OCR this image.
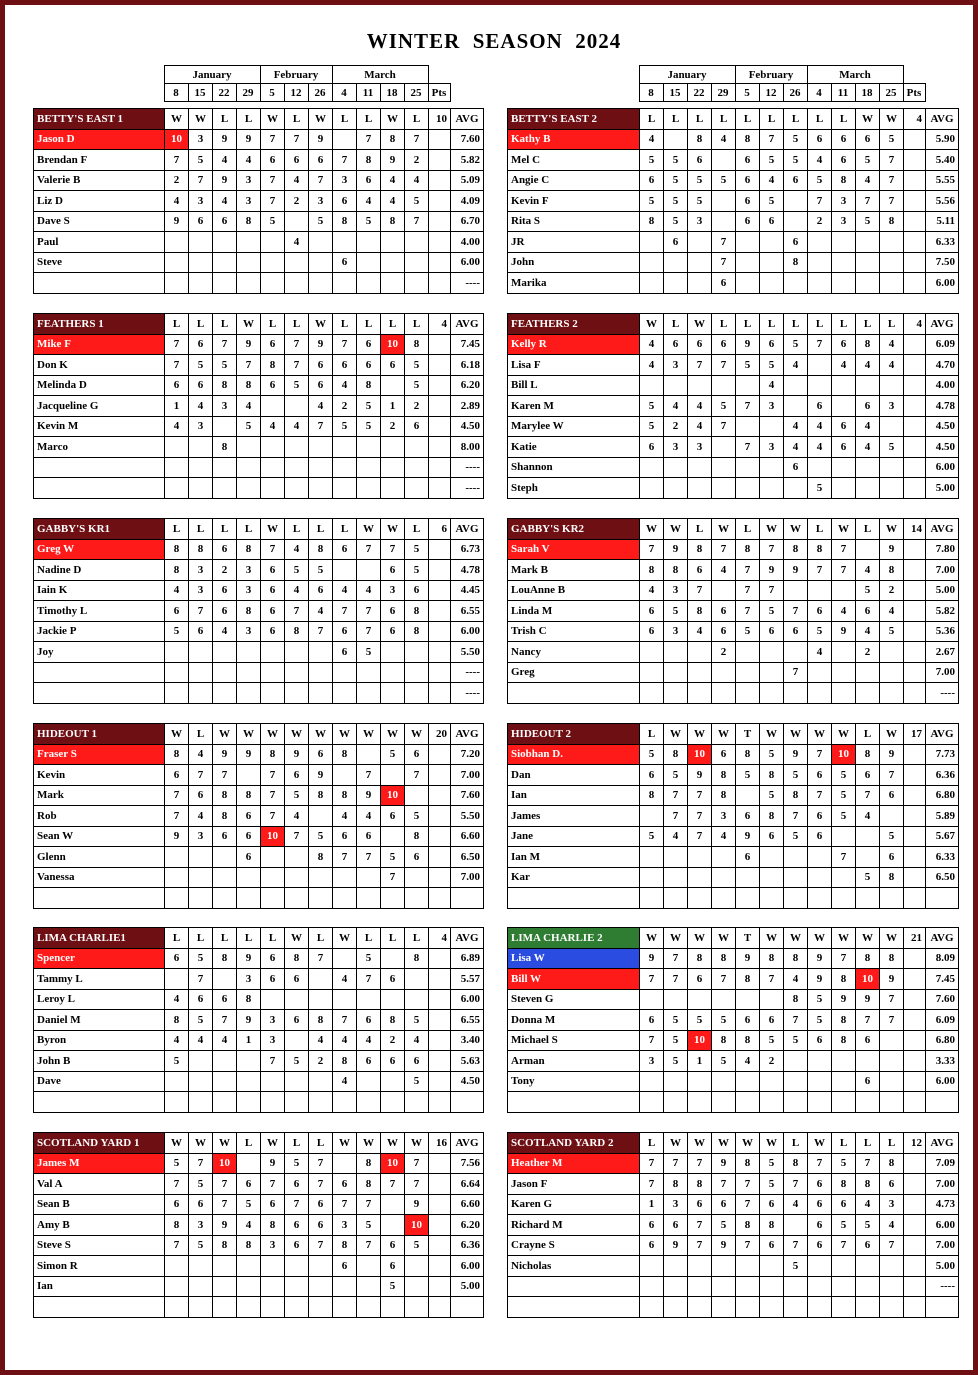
WINTER  SEASON  2024
	January				February			March					
	8	15	22	29	5	12	26	4	11	18	25	Pts	
	January				February			March					
	8	15	22	29	5	12	26	4	11	18	25	Pts	
BETTY'S EAST 1	W	W	L	L	W	L	W	L	L	W	L	10	AVG
Jason D	10	3	9	9	7	7	9		7	8	7		7.60
Brendan F	7	5	4	4	6	6	6	7	8	9	2		5.82
Valerie B	2	7	9	3	7	4	7	3	6	4	4		5.09
Liz D	4	3	4	3	7	2	3	6	4	4	5		4.09
Dave S	9	6	6	8	5		5	8	5	8	7		6.70
Paul						4							4.00
Steve								6					6.00
													----
BETTY'S EAST 2	L	L	L	L	L	L	L	L	L	W	W	4	AVG
Kathy B	4		8	4	8	7	5	6	6	6	5		5.90
Mel C	5	5	6		6	5	5	4	6	5	7		5.40
Angie C	6	5	5	5	6	4	6	5	8	4	7		5.55
Kevin F	5	5	5		6	5		7	3	7	7		5.56
Rita S	8	5	3		6	6		2	3	5	8		5.11
JR		6		7			6						6.33
John				7			8						7.50
Marika				6									6.00
FEATHERS 1	L	L	L	W	L	L	W	L	L	L	L	4	AVG
Mike F	7	6	7	9	6	7	9	7	6	10	8		7.45
Don K	7	5	5	7	8	7	6	6	6	6	5		6.18
Melinda D	6	6	8	8	6	5	6	4	8		5		6.20
Jacqueline G	1	4	3	4			4	2	5	1	2		2.89
Kevin M	4	3		5	4	4	7	5	5	2	6		4.50
Marco			8										8.00
													----
													----
FEATHERS 2	W	L	W	L	L	L	L	L	L	L	L	4	AVG
Kelly R	4	6	6	6	9	6	5	7	6	8	4		6.09
Lisa F	4	3	7	7	5	5	4		4	4	4		4.70
Bill L						4							4.00
Karen M	5	4	4	5	7	3		6		6	3		4.78
Marylee W	5	2	4	7			4	4	6	4			4.50
Katie	6	3	3		7	3	4	4	6	4	5		4.50
Shannon							6						6.00
Steph								5					5.00
GABBY'S KR1	L	L	L	L	W	L	L	L	W	W	L	6	AVG
Greg W	8	8	6	8	7	4	8	6	7	7	5		6.73
Nadine D	8	3	2	3	6	5	5			6	5		4.78
Iain K	4	3	6	3	6	4	6	4	4	3	6		4.45
Timothy L	6	7	6	8	6	7	4	7	7	6	8		6.55
Jackie P	5	6	4	3	6	8	7	6	7	6	8		6.00
Joy								6	5				5.50
													----
													----
GABBY'S KR2	W	W	L	W	L	W	W	L	W	L	W	14	AVG
Sarah V	7	9	8	7	8	7	8	8	7		9		7.80
Mark B	8	8	6	4	7	9	9	7	7	4	8		7.00
LouAnne B	4	3	7		7	7				5	2		5.00
Linda M	6	5	8	6	7	5	7	6	4	6	4		5.82
Trish C	6	3	4	6	5	6	6	5	9	4	5		5.36
Nancy				2				4		2			2.67
Greg							7						7.00
													----
HIDEOUT 1	W	L	W	W	W	W	W	W	W	W	W	20	AVG
Fraser S	8	4	9	9	8	9	6	8		5	6		7.20
Kevin	6	7	7		7	6	9		7		7		7.00
Mark	7	6	8	8	7	5	8	8	9	10			7.60
Rob	7	4	8	6	7	4		4	4	6	5		5.50
Sean W	9	3	6	6	10	7	5	6	6		8		6.60
Glenn				6			8	7	7	5	6		6.50
Vanessa										7			7.00

HIDEOUT 2	L	W	W	W	T	W	W	W	W	L	W	17	AVG
Siobhan D.	5	8	10	6	8	5	9	7	10	8	9		7.73
Dan	6	5	9	8	5	8	5	6	5	6	7		6.36
Ian	8	7	7	8		5	8	7	5	7	6		6.80
James		7	7	3	6	8	7	6	5	4			5.89
Jane	5	4	7	4	9	6	5	6			5		5.67
Ian M					6				7		6		6.33
Kar										5	8		6.50

LIMA CHARLIE1	L	L	L	L	L	W	L	W	L	L	L	4	AVG
Spencer	6	5	8	9	6	8	7		5		8		6.89
Tammy L		7		3	6	6		4	7	6			5.57
Leroy L	4	6	6	8									6.00
Daniel M	8	5	7	9	3	6	8	7	6	8	5		6.55
Byron	4	4	4	1	3		4	4	4	2	4		3.40
John B	5				7	5	2	8	6	6	6		5.63
Dave								4			5		4.50

LIMA CHARLIE 2	W	W	W	W	T	W	W	W	W	W	W	21	AVG
Lisa W	9	7	8	8	9	8	8	9	7	8	8		8.09
Bill W	7	7	6	7	8	7	4	9	8	10	9		7.45
Steven G							8	5	9	9	7		7.60
Donna M	6	5	5	5	6	6	7	5	8	7	7		6.09
Michael S	7	5	10	8	8	5	5	6	8	6			6.80
Arman	3	5	1	5	4	2							3.33
Tony										6			6.00

SCOTLAND YARD 1	W	W	W	L	W	L	L	W	W	W	W	16	AVG
James M	5	7	10		9	5	7		8	10	7		7.56
Val A	7	5	7	6	7	6	7	6	8	7	7		6.64
Sean B	6	6	7	5	6	7	6	7	7		9		6.60
Amy B	8	3	9	4	8	6	6	3	5		10		6.20
Steve S	7	5	8	8	3	6	7	8	7	6	5		6.36
Simon R								6		6			6.00
Ian										5			5.00

SCOTLAND YARD 2	L	W	W	W	W	W	L	W	L	L	L	12	AVG
Heather M	7	7	7	9	8	5	8	7	5	7	8		7.09
Jason F	7	8	8	7	7	5	7	6	8	8	6		7.00
Karen G	1	3	6	6	7	6	4	6	6	4	3		4.73
Richard M	6	6	7	5	8	8		6	5	5	4		6.00
Crayne S	6	9	7	9	7	6	7	6	7	6	7		7.00
Nicholas							5						5.00
													----
